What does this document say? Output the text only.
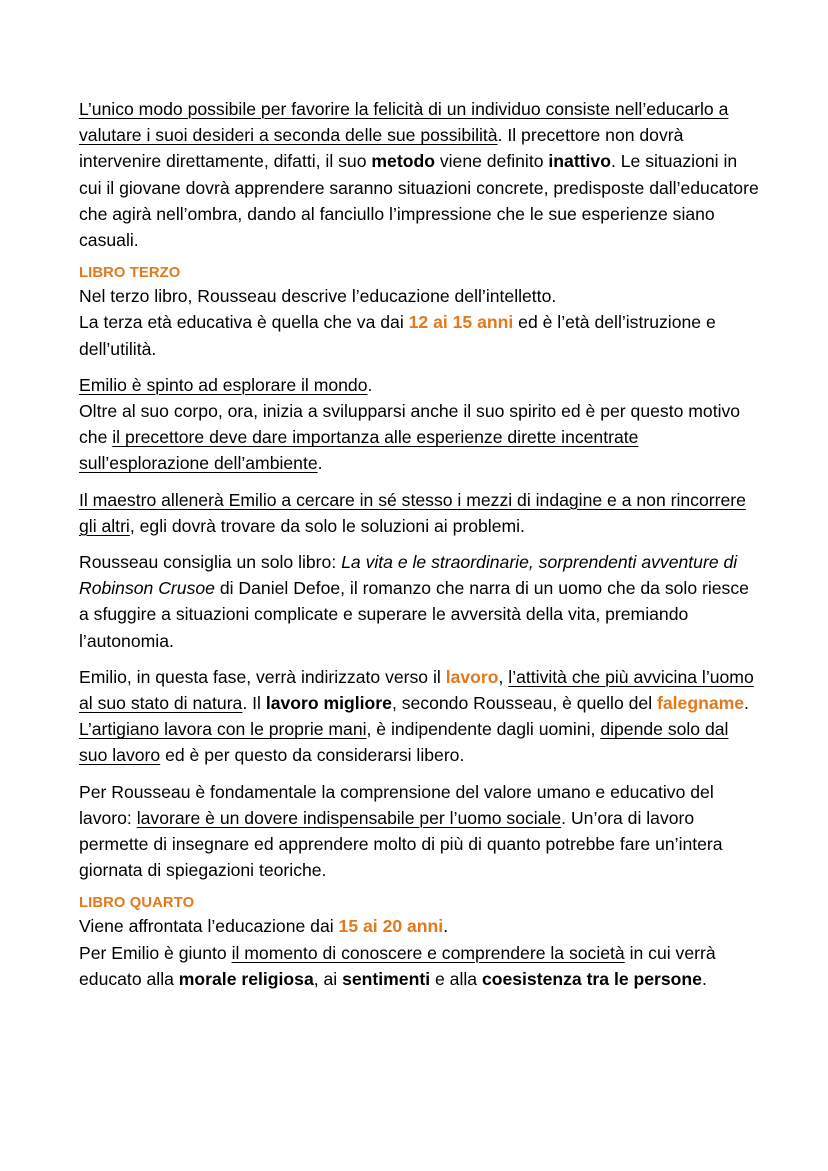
L’unico modo possibile per favorire la felicità di un individuo consiste nell’educarlo a valutare i suoi desideri a seconda delle sue possibilità. Il precettore non dovrà intervenire direttamente, difatti, il suo metodo viene definito inattivo. Le situazioni in cui il giovane dovrà apprendere saranno situazioni concrete, predisposte dall’educatore che agirà nell’ombra, dando al fanciullo l’impressione che le sue esperienze siano casuali.

LIBRO TERZO

Nel terzo libro, Rousseau descrive l’educazione dell’intelletto.
La terza età educativa è quella che va dai 12 ai 15 anni ed è l’età dell’istruzione e dell’utilità.

Emilio è spinto ad esplorare il mondo.
Oltre al suo corpo, ora, inizia a svilupparsi anche il suo spirito ed è per questo motivo che il precettore deve dare importanza alle esperienze dirette incentrate sull’esplorazione dell’ambiente.

Il maestro allenerà Emilio a cercare in sé stesso i mezzi di indagine e a non rincorrere gli altri, egli dovrà trovare da solo le soluzioni ai problemi.

Rousseau consiglia un solo libro: La vita e le straordinarie, sorprendenti avventure di Robinson Crusoe di Daniel Defoe, il romanzo che narra di un uomo che da solo riesce a sfuggire a situazioni complicate e superare le avversità della vita, premiando l’autonomia.

Emilio, in questa fase, verrà indirizzato verso il lavoro, l’attività che più avvicina l’uomo al suo stato di natura. Il lavoro migliore, secondo Rousseau, è quello del falegname. L’artigiano lavora con le proprie mani, è indipendente dagli uomini, dipende solo dal suo lavoro ed è per questo da considerarsi libero.

Per Rousseau è fondamentale la comprensione del valore umano e educativo del lavoro: lavorare è un dovere indispensabile per l’uomo sociale. Un’ora di lavoro permette di insegnare ed apprendere molto di più di quanto potrebbe fare un’intera giornata di spiegazioni teoriche.

LIBRO QUARTO

Viene affrontata l’educazione dai 15 ai 20 anni.
Per Emilio è giunto il momento di conoscere e comprendere la società in cui verrà educato alla morale religiosa, ai sentimenti e alla coesistenza tra le persone.
